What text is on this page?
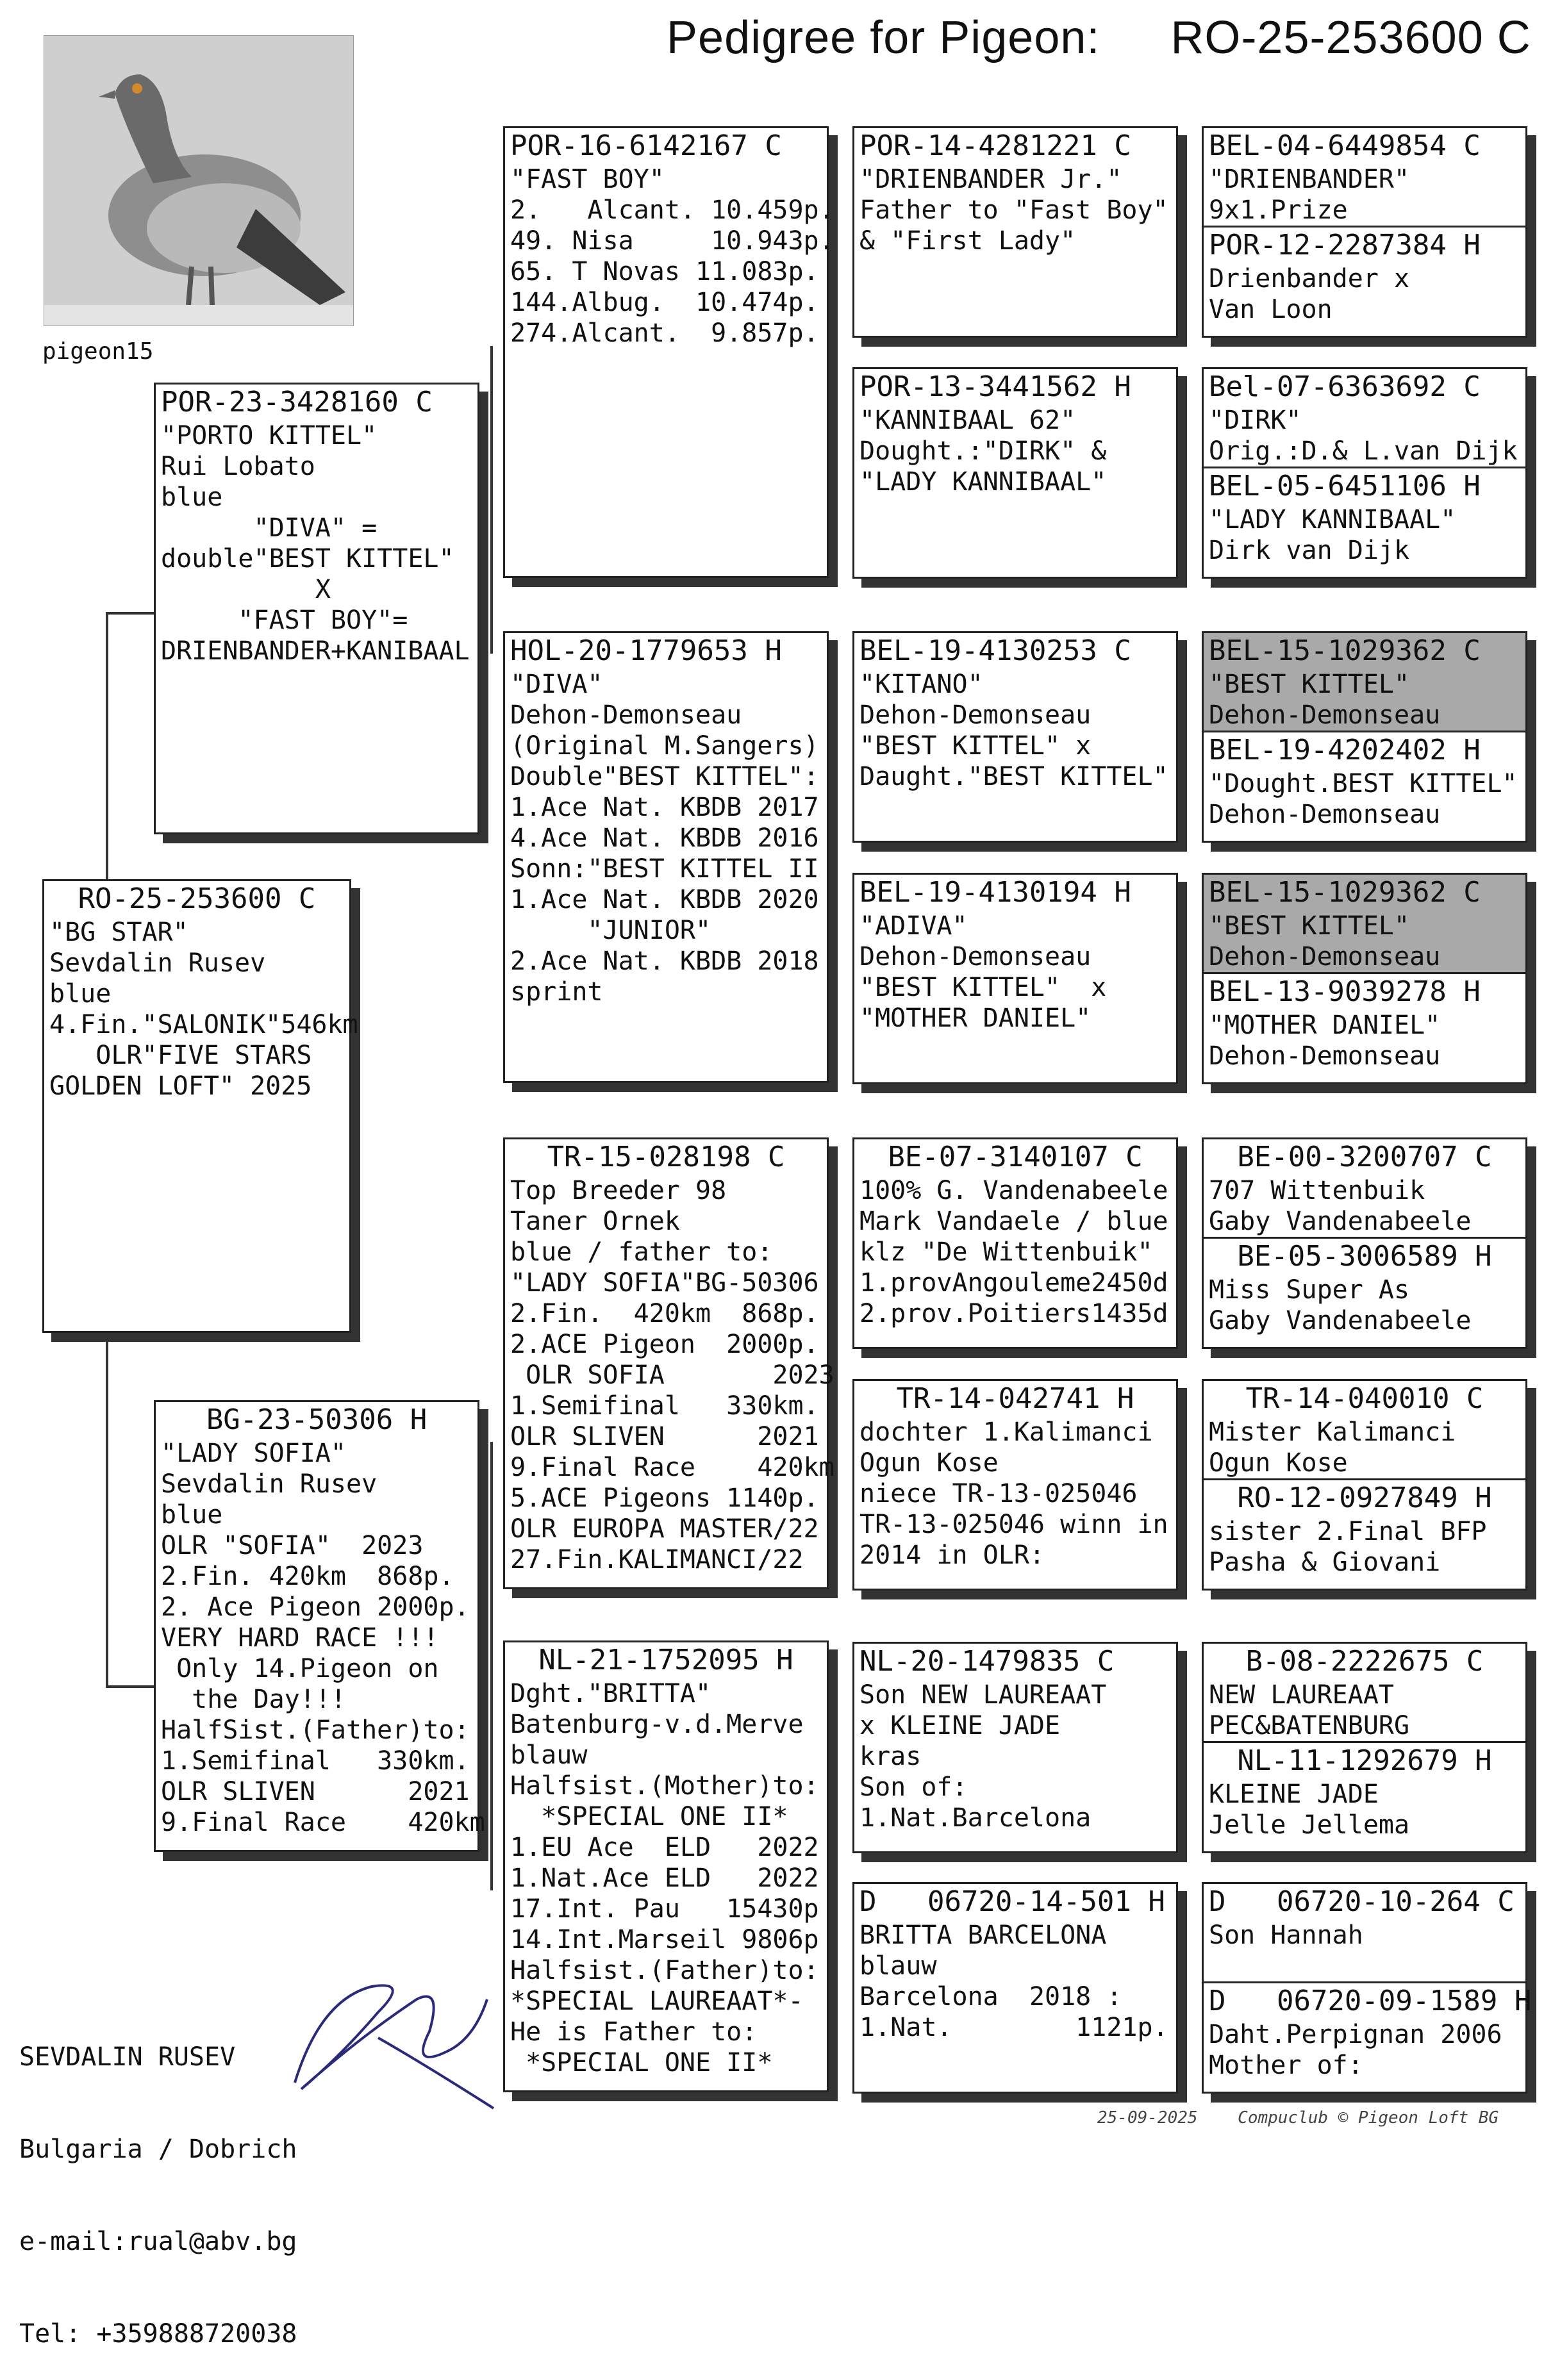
Pedigree for Pigeon: RO-25-253600 C
pigeon15
RO-25-253600 C
"BG STAR"
Sevdalin Rusev
blue
4.Fin."SALONIK"546km
OLR"FIVE STARS
GOLDEN LOFT" 2025
POR-23-3428160 C
"PORTO KITTEL"
Rui Lobato
blue
"DIVA" =
double"BEST KITTEL"
X
"FAST BOY"=
DRIENBANDER+KANIBAAL
BG-23-50306 H
"LADY SOFIA"
Sevdalin Rusev
blue
OLR "SOFIA"  2023
2.Fin. 420km  868p.
2. Ace Pigeon 2000p.
VERY HARD RACE !!!
Only 14.Pigeon on
the Day!!!
HalfSist.(Father)to:
1.Semifinal   330km.
OLR SLIVEN      2021
9.Final Race    420km
POR-16-6142167 C
"FAST BOY"
2.   Alcant. 10.459p.
49. Nisa     10.943p.
65. T Novas 11.083p.
144.Albug.  10.474p.
274.Alcant.  9.857p.
HOL-20-1779653 H
"DIVA"
Dehon-Demonseau
(Original M.Sangers)
Double"BEST KITTEL":
1.Ace Nat. KBDB 2017
4.Ace Nat. KBDB 2016
Sonn:"BEST KITTEL II
1.Ace Nat. KBDB 2020
"JUNIOR"
2.Ace Nat. KBDB 2018
sprint
TR-15-028198 C
Top Breeder 98
Taner Ornek
blue / father to:
"LADY SOFIA"BG-50306
2.Fin.  420km  868p.
2.ACE Pigeon  2000p.
OLR SOFIA       2023
1.Semifinal   330km.
OLR SLIVEN      2021
9.Final Race    420km
5.ACE Pigeons 1140p.
OLR EUROPA MASTER/22
27.Fin.KALIMANCI/22
NL-21-1752095 H
Dght."BRITTA"
Batenburg-v.d.Merve
blauw
Halfsist.(Mother)to:
*SPECIAL ONE II*
1.EU Ace  ELD   2022
1.Nat.Ace ELD   2022
17.Int. Pau   15430p
14.Int.Marseil 9806p
Halfsist.(Father)to:
*SPECIAL LAUREAAT*-
He is Father to:
*SPECIAL ONE II*
POR-14-4281221 C
"DRIENBANDER Jr."
Father to "Fast Boy"
& "First Lady"
POR-13-3441562 H
"KANNIBAAL 62"
Dought.:"DIRK" &
"LADY KANNIBAAL"
BEL-19-4130253 C
"KITANO"
Dehon-Demonseau
"BEST KITTEL" x
Daught."BEST KITTEL"
BEL-19-4130194 H
"ADIVA"
Dehon-Demonseau
"BEST KITTEL"  x
"MOTHER DANIEL"
BE-07-3140107 C
100% G. Vandenabeele
Mark Vandaele / blue
klz "De Wittenbuik"
1.provAngouleme2450d
2.prov.Poitiers1435d
TR-14-042741 H
dochter 1.Kalimanci
Ogun Kose
niece TR-13-025046
TR-13-025046 winn in
2014 in OLR:
NL-20-1479835 C
Son NEW LAUREAAT
x KLEINE JADE
kras
Son of:
1.Nat.Barcelona
D   06720-14-501 H
BRITTA BARCELONA
blauw
Barcelona  2018 :
1.Nat.        1121p.
BEL-04-6449854 C
"DRIENBANDER"
9x1.Prize
POR-12-2287384 H
Drienbander x
Van Loon
Bel-07-6363692 C
"DIRK"
Orig.:D.& L.van Dijk
BEL-05-6451106 H
"LADY KANNIBAAL"
Dirk van Dijk
BEL-15-1029362 C
"BEST KITTEL"
Dehon-Demonseau
BEL-19-4202402 H
"Dought.BEST KITTEL"
Dehon-Demonseau
BEL-15-1029362 C
"BEST KITTEL"
Dehon-Demonseau
BEL-13-9039278 H
"MOTHER DANIEL"
Dehon-Demonseau
BE-00-3200707 C
707 Wittenbuik
Gaby Vandenabeele
BE-05-3006589 H
Miss Super As
Gaby Vandenabeele
TR-14-040010 C
Mister Kalimanci
Ogun Kose
RO-12-0927849 H
sister 2.Final BFP
Pasha & Giovani
B-08-2222675 C
NEW LAUREAAT
PEC&BATENBURG
NL-11-1292679 H
KLEINE JADE
Jelle Jellema
D   06720-10-264 C
Son Hannah
D   06720-09-1589 H
Daht.Perpignan 2006
Mother of:

SEVDALIN RUSEV

Bulgaria / Dobrich

e-mail:rual@abv.bg

Tel: +359888720038

25-09-2025 Compuclub © Pigeon Loft BG
